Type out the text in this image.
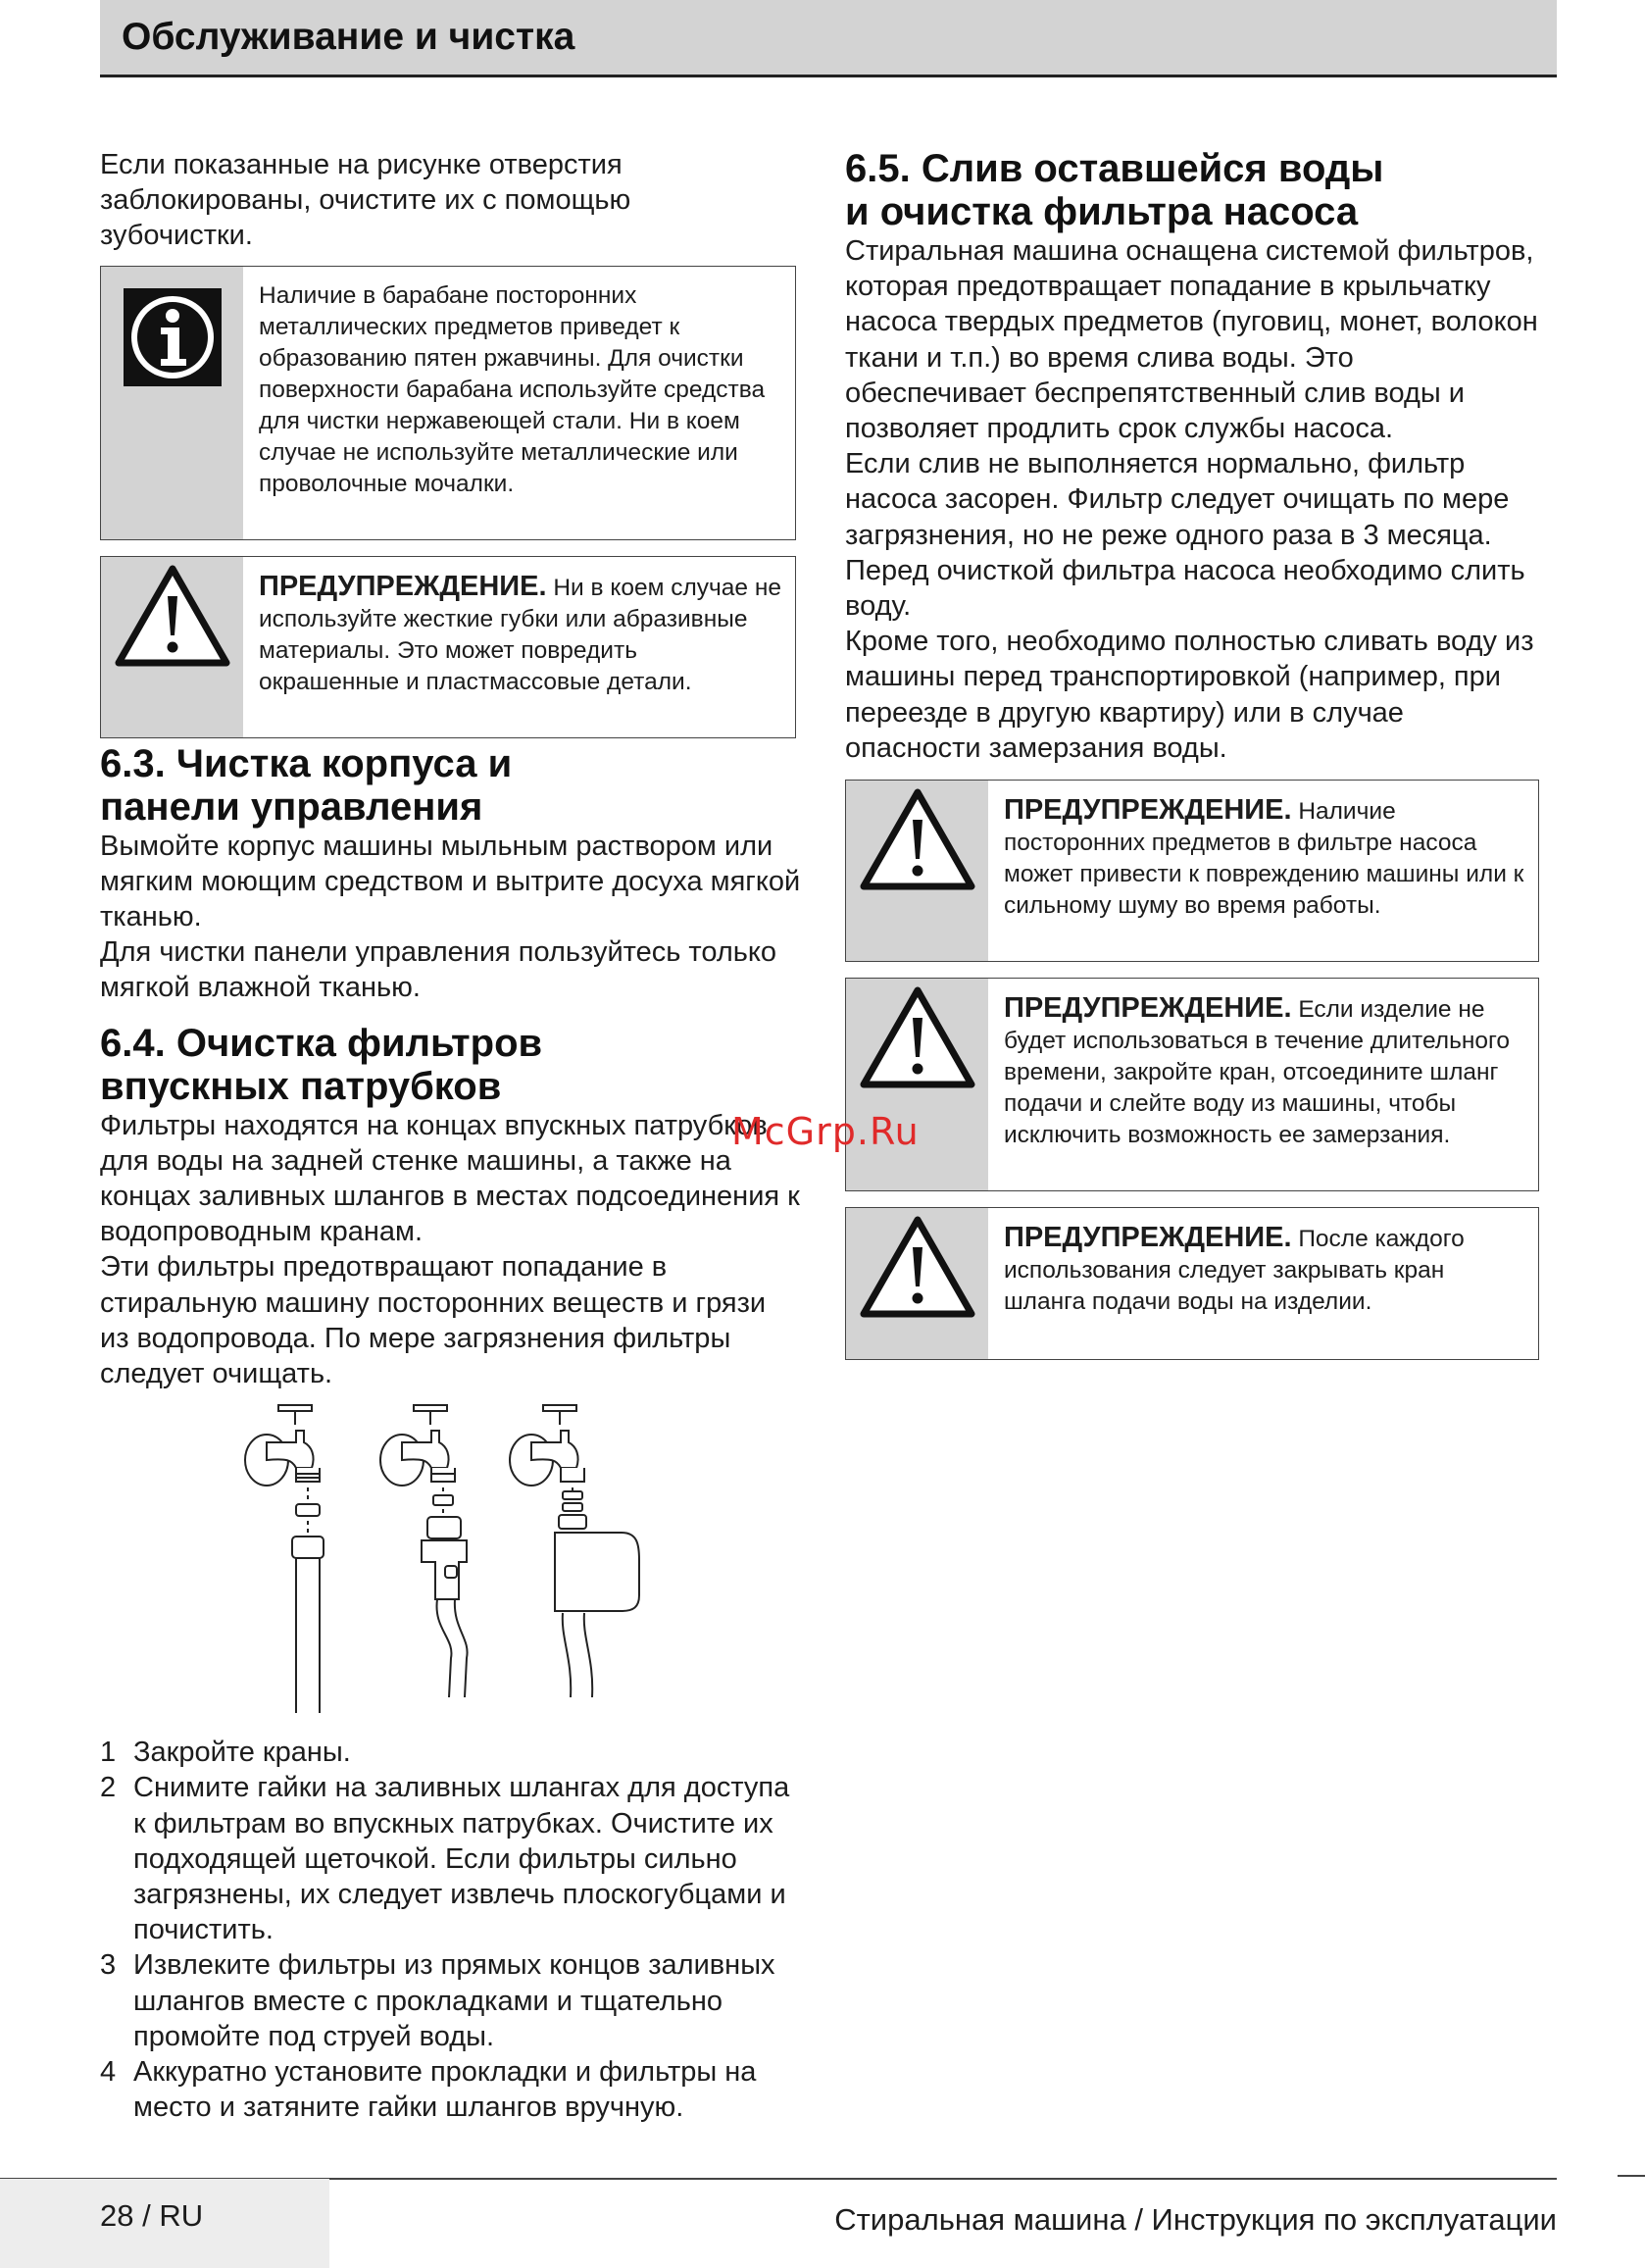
Обслуживание и чистка

Если показанные на рисунке отверстия заблокированы, очистите их с помощью зубочистки.

Наличие в барабане посторонних металлических предметов приведет к образованию пятен ржавчины. Для очистки поверхности барабана используйте средства для чистки нержавеющей стали. Ни в коем случае не используйте металлические или проволочные мочалки.
ПРЕДУПРЕЖДЕНИЕ. Ни в коем случае не используйте жесткие губки или абразивные материалы. Это может повредить окрашенные и пластмассовые детали.
6.3. Чистка корпуса и
панели управления

Вымойте корпус машины мыльным раствором или мягким моющим средством и вытрите досуха мягкой тканью.

Для чистки панели управления пользуйтесь только мягкой влажной тканью.

6.4. Очистка фильтров
впускных патрубков

Фильтры находятся на концах впускных патрубков для воды на задней стенке машины, а также на концах заливных шлангов в местах подсоединения к водопроводным кранам.

Эти фильтры предотвращают попадание в стиральную машину посторонних веществ и грязи из водопровода. По мере загрязнения фильтры следует очищать.

1 Закройте краны.
2 Снимите гайки на заливных шлангах для доступа к фильтрам во впускных патрубках. Очистите их подходящей щеточкой. Если фильтры сильно загрязнены, их следует извлечь плоскогубцами и почистить.
3 Извлеките фильтры из прямых концов заливных шлангов вместе с прокладками и тщательно промойте под струей воды.
4 Аккуратно установите прокладки и фильтры на место и затяните гайки шлангов вручную.
6.5. Слив оставшейся воды
и очистка фильтра насоса

Стиральная машина оснащена системой фильтров, которая предотвращает попадание в крыльчатку насоса твердых предметов (пуговиц, монет, волокон ткани и т.п.) во время слива воды. Это обеспечивает беспрепятственный слив воды и позволяет продлить срок службы насоса.

Если слив не выполняется нормально, фильтр насоса засорен. Фильтр следует очищать по мере загрязнения, но не реже одного раза в 3 месяца. Перед очисткой фильтра насоса необходимо слить воду.

Кроме того, необходимо полностью сливать воду из машины перед транспортировкой (например, при переезде в другую квартиру) или в случае опасности замерзания воды.

ПРЕДУПРЕЖДЕНИЕ. Наличие посторонних предметов в фильтре насоса может привести к повреждению машины или к сильному шуму во время работы.
ПРЕДУПРЕЖДЕНИЕ. Если изделие не будет использоваться в течение длительного времени, закройте кран, отсоедините шланг подачи и слейте воду из машины, чтобы исключить возможность ее замерзания.
ПРЕДУПРЕЖДЕНИЕ. После каждого использования следует закрывать кран шланга подачи воды на изделии.
McGrp.Ru
28 / RU	Стиральная машина / Инструкция по эксплуатации
